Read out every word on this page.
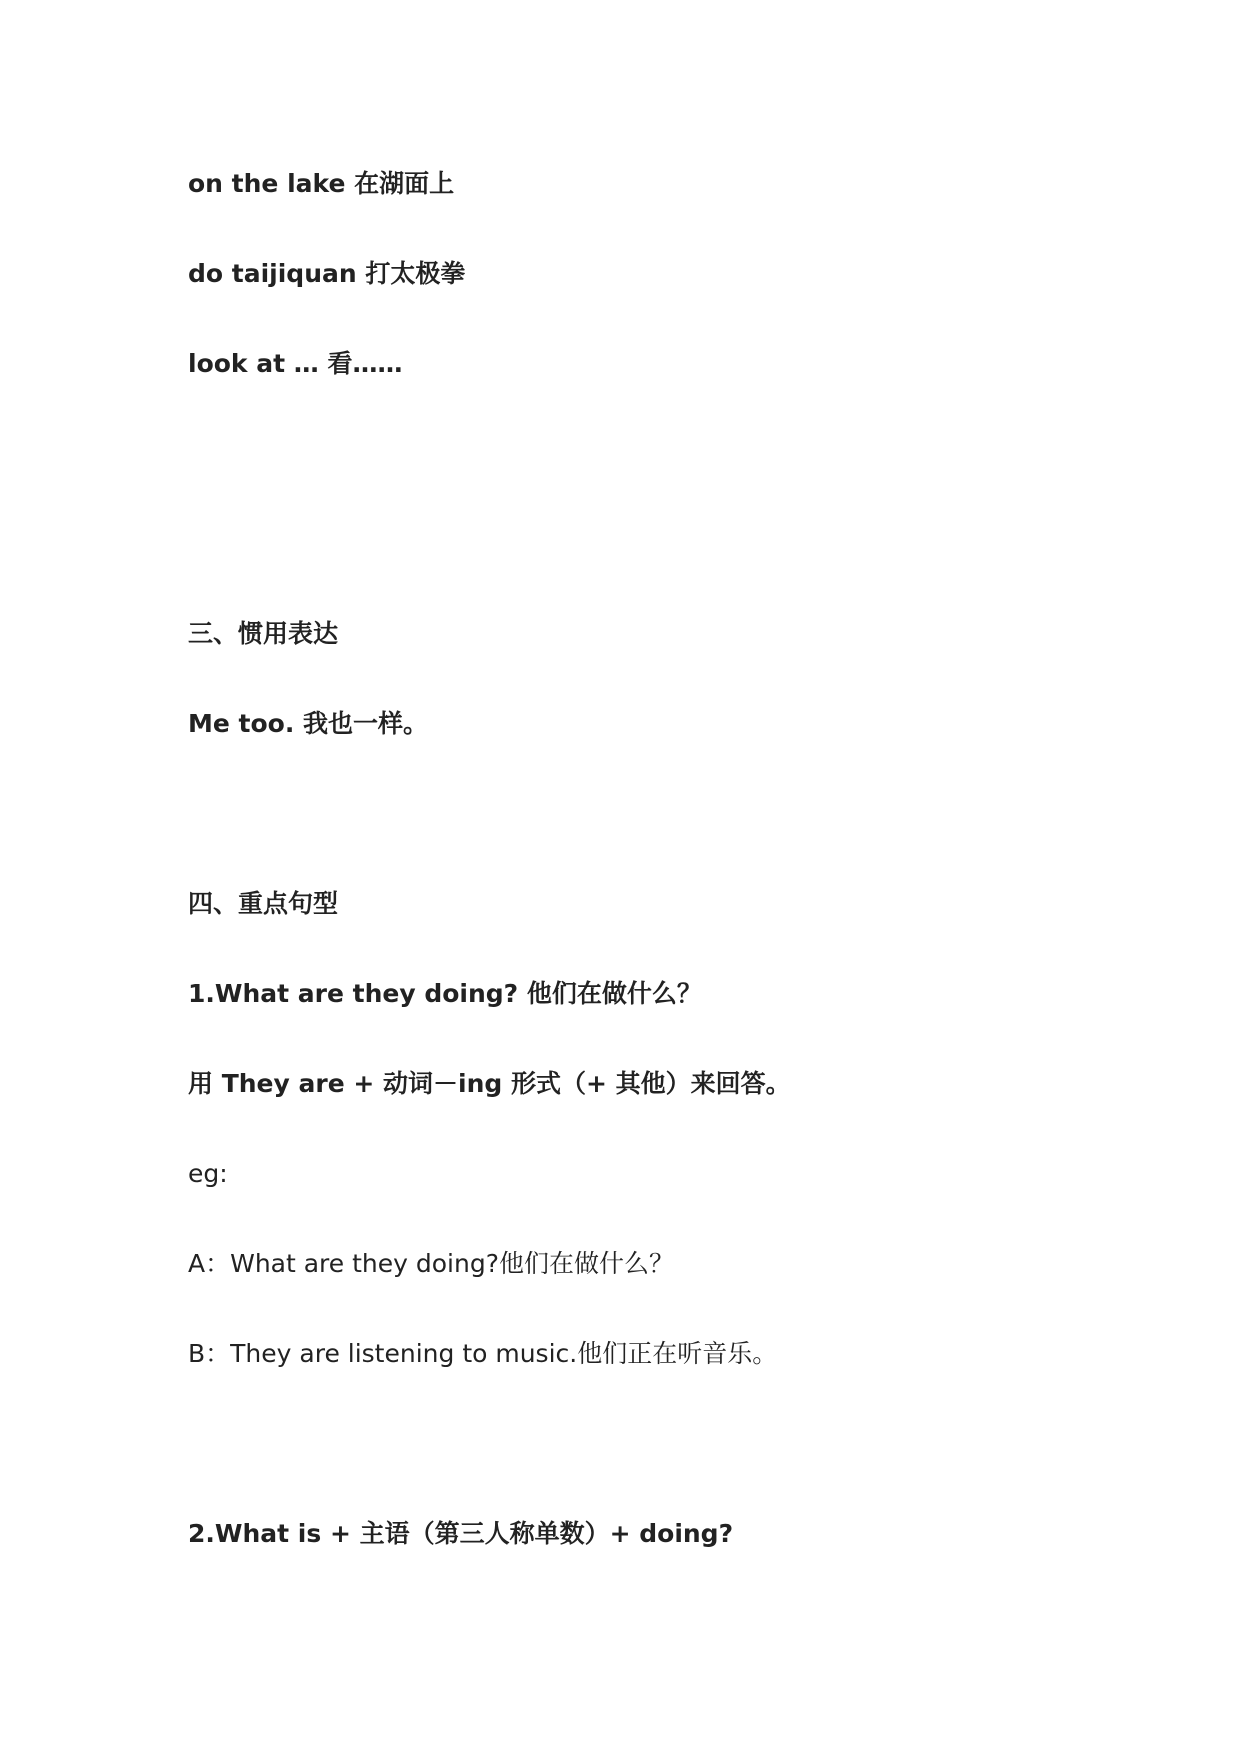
on the lake 在湖面上

do taijiquan 打太极拳

look at … 看……

三、惯用表达

Me too. 我也一样。

四、重点句型

1.What are they doing? 他们在做什么？

用 They are + 动词－ing 形式（+ 其他）来回答。

eg:

A：What are they doing?他们在做什么？

B：They are listening to music.他们正在听音乐。

2.What is + 主语（第三人称单数）+ doing?
